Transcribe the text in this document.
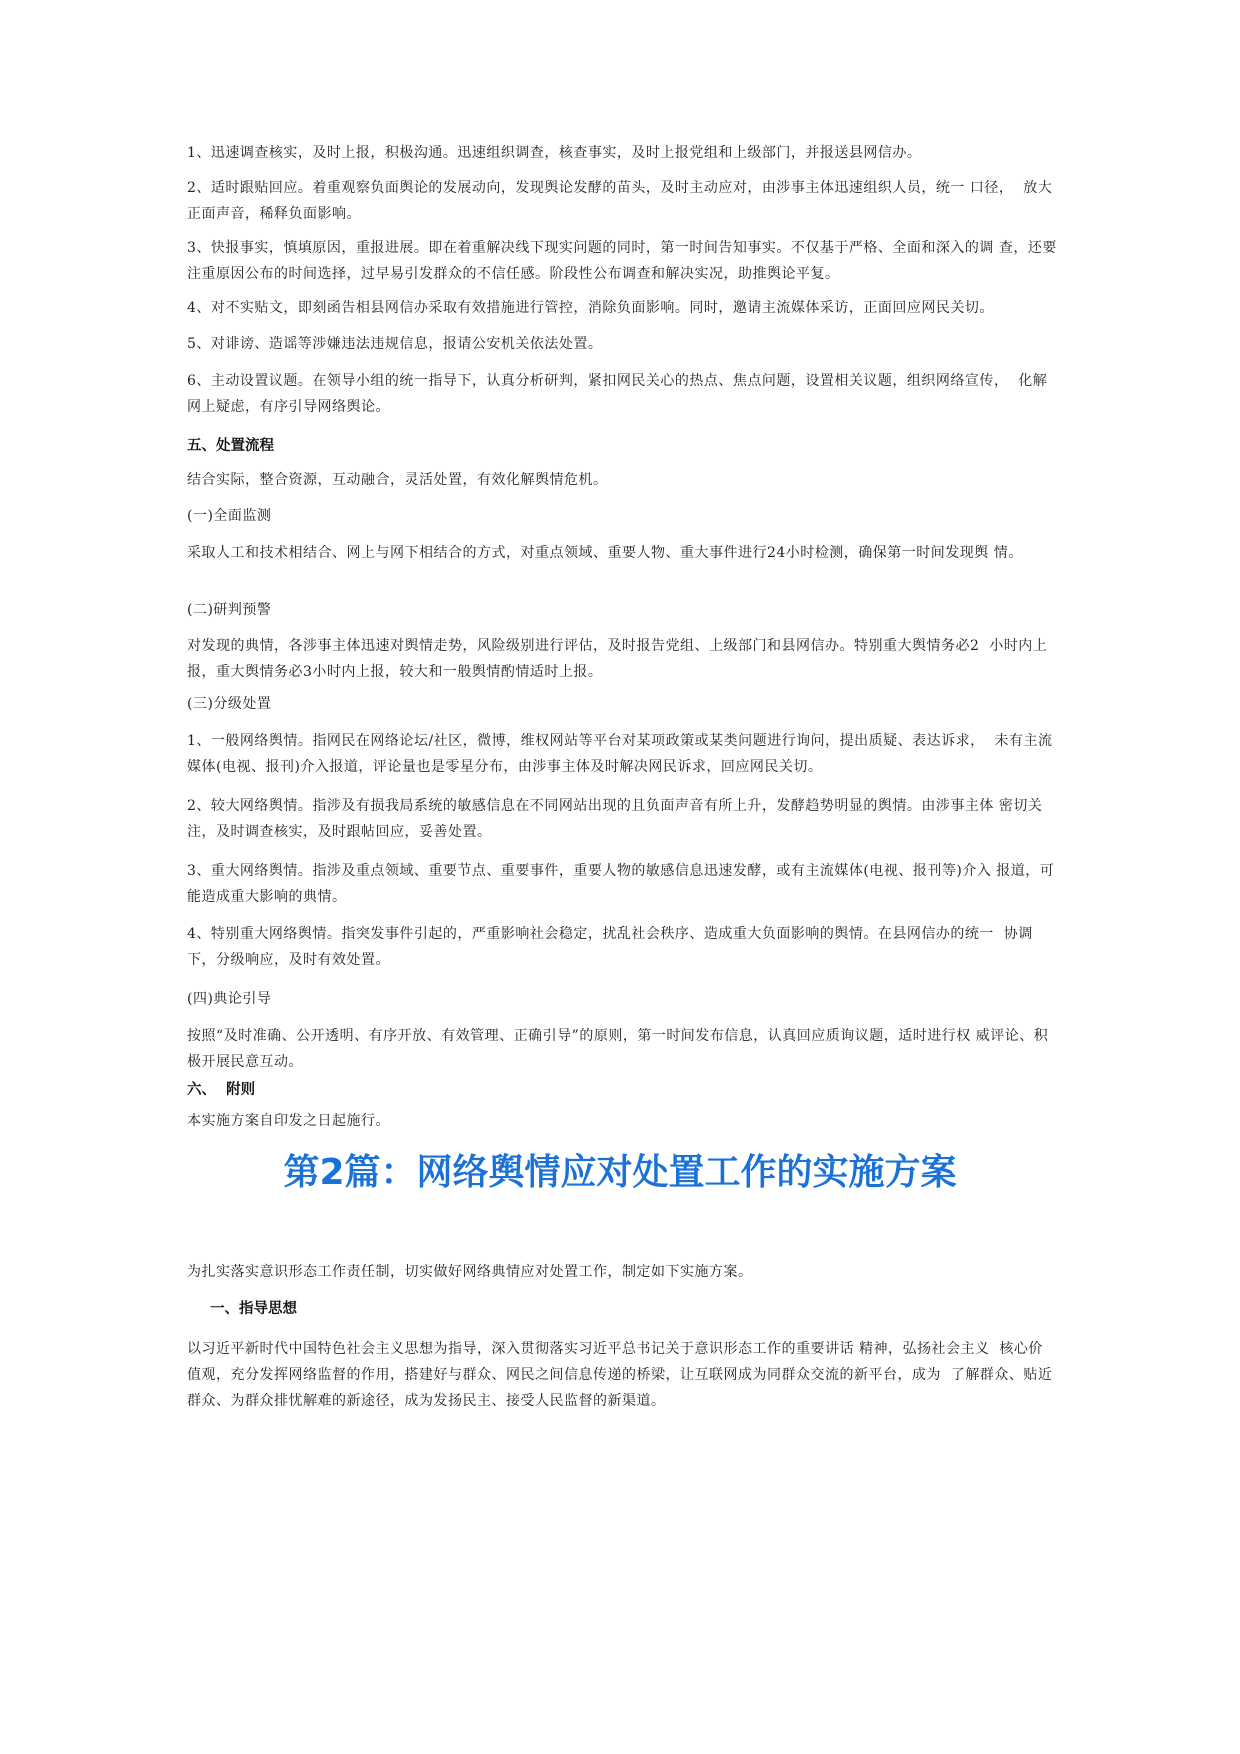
1、迅速调查核实，及时上报，积极沟通。迅速组织调查，核查事实，及时上报党组和上级部门，并报送县网信办。

2、适时跟贴回应。着重观察负面舆论的发展动向，发现舆论发酵的苗头，及时主动应对，由涉事主体迅速组织人员，统一 口径，  放大正面声音，稀释负面影响。

3、快报事实，慎填原因，重报进展。即在着重解决线下现实问题的同时，第一时间告知事实。不仅基于严格、全面和深入的调 查，还要注重原因公布的时间选择，过早易引发群众的不信任感。阶段性公布调查和解决实况，助推舆论平复。

4、对不实贴文，即刻函告相县网信办采取有效措施进行管控，消除负面影响。同时，邀请主流媒体采访，正面回应网民关切。

5、对诽谤、造谣等涉嫌违法违规信息，报请公安机关依法处置。

6、主动设置议题。在领导小组的统一指导下，认真分析研判，紧扣网民关心的热点、焦点问题，设置相关议题，组织网络宣传，  化解网上疑虑，有序引导网络舆论。

五、处置流程

结合实际，整合资源，互动融合，灵活处置，有效化解舆情危机。

(一)全面监测

采取人工和技术相结合、网上与网下相结合的方式，对重点领域、重要人物、重大事件进行24小时检测，确保第一时间发现舆 情。

(二)研判预警

对发现的典情，各涉事主体迅速对舆情走势，风险级别进行评估，及时报告党组、上级部门和县网信办。特别重大舆情务必2  小时内上报，重大舆情务必3小时内上报，较大和一般舆情酌情适时上报。

(三)分级处置

1、一般网络舆情。指网民在网络论坛/社区，微博，维权网站等平台对某项政策或某类问题进行询问，提出质疑、表达诉求，  未有主流媒体(电视、报刊)介入报道，评论量也是零星分布，由涉事主体及时解决网民诉求，回应网民关切。

2、较大网络舆情。指涉及有损我局系统的敏感信息在不同网站出现的且负面声音有所上升，发酵趋势明显的舆情。由涉事主体 密切关注，及时调查核实，及时跟帖回应，妥善处置。

3、重大网络舆情。指涉及重点领域、重要节点、重要事件，重要人物的敏感信息迅速发酵，或有主流媒体(电视、报刊等)介入 报道，可能造成重大影响的典情。

4、特别重大网络舆情。指突发事件引起的，严重影响社会稳定，扰乱社会秩序、造成重大负面影响的舆情。在县网信办的统一  协调下，分级响应，及时有效处置。

(四)典论引导

按照“及时准确、公开透明、有序开放、有效管理、正确引导”的原则，第一时间发布信息，认真回应质询议题，适时进行权 威评论、积极开展民意互动。

六、  附则

本实施方案自印发之日起施行。

第2篇：网络舆情应对处置工作的实施方案

为扎实落实意识形态工作责任制，切实做好网络典情应对处置工作，制定如下实施方案。

一、指导思想

以习近平新时代中国特色社会主义思想为指导，深入贯彻落实习近平总书记关于意识形态工作的重要讲话 精神，弘扬社会主义  核心价值观，充分发挥网络监督的作用，搭建好与群众、网民之间信息传递的桥梁，让互联网成为同群众交流的新平台，成为  了解群众、贴近群众、为群众排忧解难的新途径，成为发扬民主、接受人民监督的新渠道。
